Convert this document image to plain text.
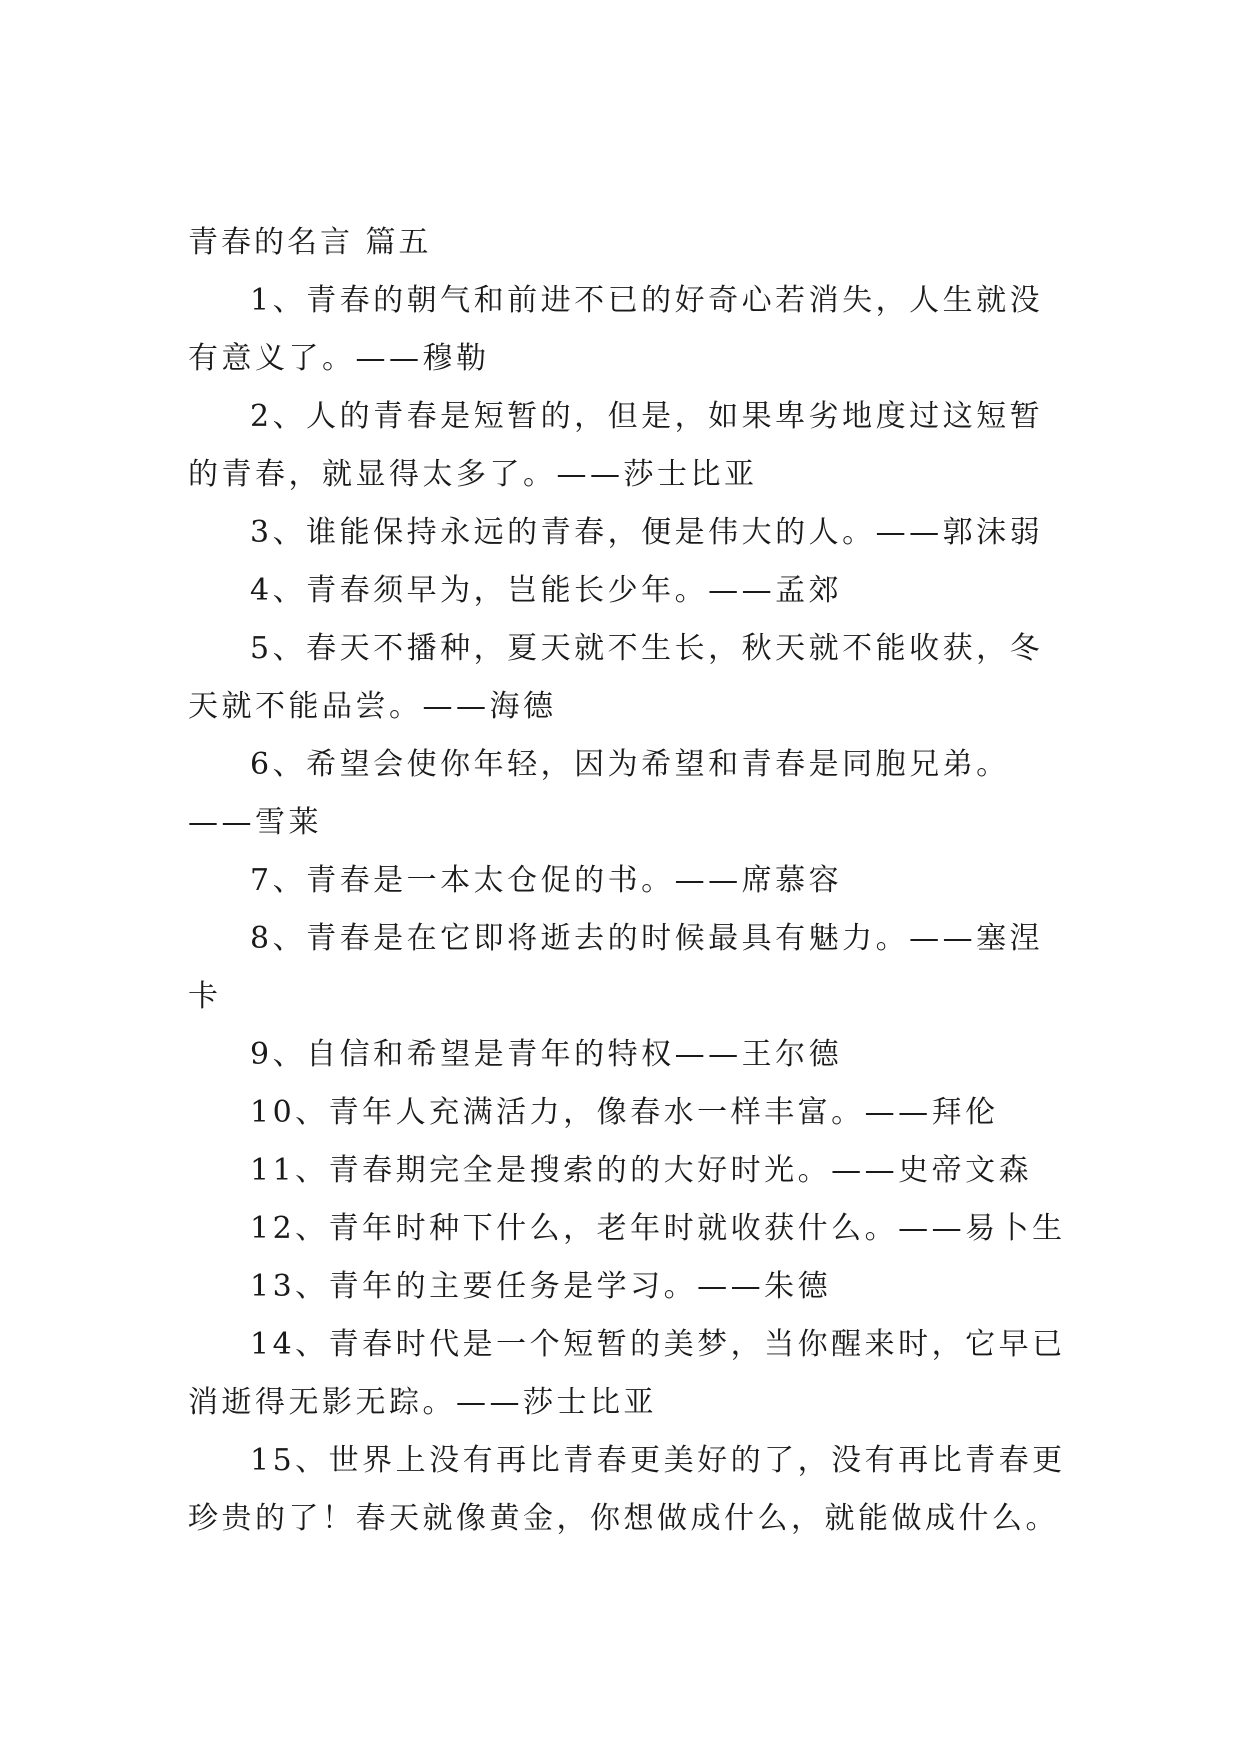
青春的名言 篇五

1、青春的朝气和前进不已的好奇心若消失，人生就没有意义了。——穆勒

2、人的青春是短暂的，但是，如果卑劣地度过这短暂的青春，就显得太多了。——莎士比亚

3、谁能保持永远的青春，便是伟大的人。——郭沫弱

4、青春须早为，岂能长少年。——孟郊

5、春天不播种，夏天就不生长，秋天就不能收获，冬天就不能品尝。——海德

6、希望会使你年轻，因为希望和青春是同胞兄弟。——雪莱

7、青春是一本太仓促的书。——席慕容

8、青春是在它即将逝去的时候最具有魅力。——塞涅卡

9、自信和希望是青年的特权——王尔德

10、青年人充满活力，像春水一样丰富。——拜伦

11、青春期完全是搜索的的大好时光。——史帝文森

12、青年时种下什么，老年时就收获什么。——易卜生

13、青年的主要任务是学习。——朱德

14、青春时代是一个短暂的美梦，当你醒来时，它早已消逝得无影无踪。——莎士比亚

15、世界上没有再比青春更美好的了，没有再比青春更珍贵的了！春天就像黄金，你想做成什么，就能做成什么。
